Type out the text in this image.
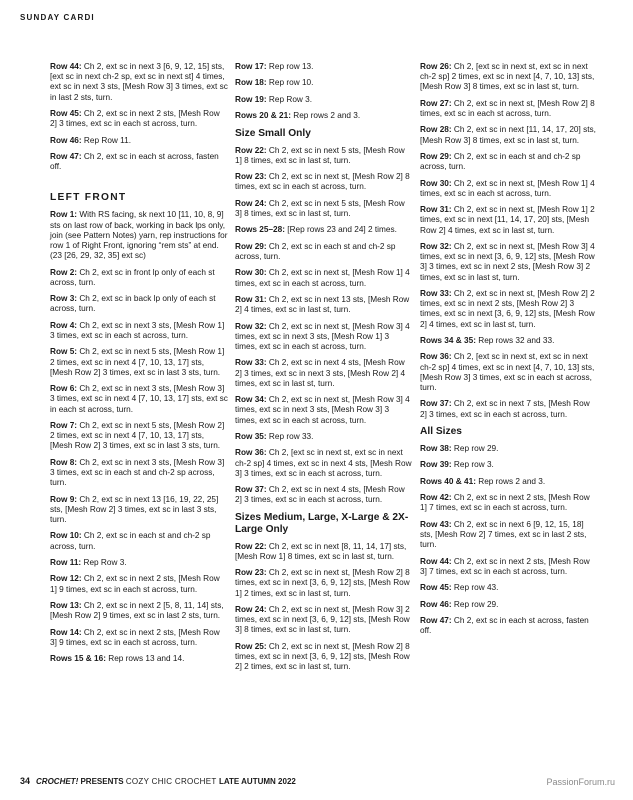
SUNDAY CARDI
Row 44: Ch 2, ext sc in next 3 [6, 9, 12, 15] sts, [ext sc in next ch-2 sp, ext sc in next st] 4 times, ext sc in next 3 sts, [Mesh Row 3] 3 times, ext sc in last 2 sts, turn.
Row 45: Ch 2, ext sc in next 2 sts, [Mesh Row 2] 3 times, ext sc in each st across, turn.
Row 46: Rep Row 11.
Row 47: Ch 2, ext sc in each st across, fasten off.
LEFT FRONT
Row 1: With RS facing, sk next 10 [11, 10, 8, 9] sts on last row of back, working in back lps only, join (see Pattern Notes) yarn, rep instructions for row 1 of Right Front, ignoring “rem sts” at end. (23 [26, 29, 32, 35] ext sc)
Row 2: Ch 2, ext sc in front lp only of each st across, turn.
Row 3: Ch 2, ext sc in back lp only of each st across, turn.
Row 4: Ch 2, ext sc in next 3 sts, [Mesh Row 1] 3 times, ext sc in each st across, turn.
Row 5: Ch 2, ext sc in next 5 sts, [Mesh Row 1] 2 times, ext sc in next 4 [7, 10, 13, 17] sts, [Mesh Row 2] 3 times, ext sc in last 3 sts, turn.
Row 6: Ch 2, ext sc in next 3 sts, [Mesh Row 3] 3 times, ext sc in next 4 [7, 10, 13, 17] sts, ext sc in each st across, turn.
Row 7: Ch 2, ext sc in next 5 sts, [Mesh Row 2] 2 times, ext sc in next 4 [7, 10, 13, 17] sts, [Mesh Row 2] 3 times, ext sc in last 3 sts, turn.
Row 8: Ch 2, ext sc in next 3 sts, [Mesh Row 3] 3 times, ext sc in each st and ch-2 sp across, turn.
Row 9: Ch 2, ext sc in next 13 [16, 19, 22, 25] sts, [Mesh Row 2] 3 times, ext sc in last 3 sts, turn.
Row 10: Ch 2, ext sc in each st and ch-2 sp across, turn.
Row 11: Rep Row 3.
Row 12: Ch 2, ext sc in next 2 sts, [Mesh Row 1] 9 times, ext sc in each st across, turn.
Row 13: Ch 2, ext sc in next 2 [5, 8, 11, 14] sts, [Mesh Row 2] 9 times, ext sc in last 2 sts, turn.
Row 14: Ch 2, ext sc in next 2 sts, [Mesh Row 3] 9 times, ext sc in each st across, turn.
Rows 15 & 16: Rep rows 13 and 14.
Row 17: Rep row 13.
Row 18: Rep row 10.
Row 19: Rep Row 3.
Rows 20 & 21: Rep rows 2 and 3.
Size Small Only
Row 22: Ch 2, ext sc in next 5 sts, [Mesh Row 1] 8 times, ext sc in last st, turn.
Row 23: Ch 2, ext sc in next st, [Mesh Row 2] 8 times, ext sc in each st across, turn.
Row 24: Ch 2, ext sc in next 5 sts, [Mesh Row 3] 8 times, ext sc in last st, turn.
Rows 25–28: [Rep rows 23 and 24] 2 times.
Row 29: Ch 2, ext sc in each st and ch-2 sp across, turn.
Row 30: Ch 2, ext sc in next st, [Mesh Row 1] 4 times, ext sc in each st across, turn.
Row 31: Ch 2, ext sc in next 13 sts, [Mesh Row 2] 4 times, ext sc in last st, turn.
Row 32: Ch 2, ext sc in next st, [Mesh Row 3] 4 times, ext sc in next 3 sts, [Mesh Row 1] 3 times, ext sc in each st across, turn.
Row 33: Ch 2, ext sc in next 4 sts, [Mesh Row 2] 3 times, ext sc in next 3 sts, [Mesh Row 2] 4 times, ext sc in last st, turn.
Row 34: Ch 2, ext sc in next st, [Mesh Row 3] 4 times, ext sc in next 3 sts, [Mesh Row 3] 3 times, ext sc in each st across, turn.
Row 35: Rep row 33.
Row 36: Ch 2, [ext sc in next st, ext sc in next ch-2 sp] 4 times, ext sc in next 4 sts, [Mesh Row 3] 3 times, ext sc in each st across, turn.
Row 37: Ch 2, ext sc in next 4 sts, [Mesh Row 2] 3 times, ext sc in each st across, turn.
Sizes Medium, Large, X-Large & 2X-Large Only
Row 22: Ch 2, ext sc in next [8, 11, 14, 17] sts, [Mesh Row 1] 8 times, ext sc in last st, turn.
Row 23: Ch 2, ext sc in next st, [Mesh Row 2] 8 times, ext sc in next [3, 6, 9, 12] sts, [Mesh Row 1] 2 times, ext sc in last st, turn.
Row 24: Ch 2, ext sc in next st, [Mesh Row 3] 2 times, ext sc in next [3, 6, 9, 12] sts, [Mesh Row 3] 8 times, ext sc in last st, turn.
Row 25: Ch 2, ext sc in next st, [Mesh Row 2] 8 times, ext sc in next [3, 6, 9, 12] sts, [Mesh Row 2] 2 times, ext sc in last st, turn.
Row 26: Ch 2, [ext sc in next st, ext sc in next ch-2 sp] 2 times, ext sc in next [4, 7, 10, 13] sts, [Mesh Row 3] 8 times, ext sc in last st, turn.
Row 27: Ch 2, ext sc in next st, [Mesh Row 2] 8 times, ext sc in each st across, turn.
Row 28: Ch 2, ext sc in next [11, 14, 17, 20] sts, [Mesh Row 3] 8 times, ext sc in last st, turn.
Row 29: Ch 2, ext sc in each st and ch-2 sp across, turn.
Row 30: Ch 2, ext sc in next st, [Mesh Row 1] 4 times, ext sc in each st across, turn.
Row 31: Ch 2, ext sc in next st, [Mesh Row 1] 2 times, ext sc in next [11, 14, 17, 20] sts, [Mesh Row 2] 4 times, ext sc in last st, turn.
Row 32: Ch 2, ext sc in next st, [Mesh Row 3] 4 times, ext sc in next [3, 6, 9, 12] sts, [Mesh Row 3] 3 times, ext sc in next 2 sts, [Mesh Row 3] 2 times, ext sc in last st, turn.
Row 33: Ch 2, ext sc in next st, [Mesh Row 2] 2 times, ext sc in next 2 sts, [Mesh Row 2] 3 times, ext sc in next [3, 6, 9, 12] sts, [Mesh Row 2] 4 times, ext sc in last st, turn.
Rows 34 & 35: Rep rows 32 and 33.
Row 36: Ch 2, [ext sc in next st, ext sc in next ch-2 sp] 4 times, ext sc in next [4, 7, 10, 13] sts, [Mesh Row 3] 3 times, ext sc in each st across, turn.
Row 37: Ch 2, ext sc in next 7 sts, [Mesh Row 2] 3 times, ext sc in each st across, turn.
All Sizes
Row 38: Rep row 29.
Row 39: Rep row 3.
Rows 40 & 41: Rep rows 2 and 3.
Row 42: Ch 2, ext sc in next 2 sts, [Mesh Row 1] 7 times, ext sc in each st across, turn.
Row 43: Ch 2, ext sc in next 6 [9, 12, 15, 18] sts, [Mesh Row 2] 7 times, ext sc in last 2 sts, turn.
Row 44: Ch 2, ext sc in next 2 sts, [Mesh Row 3] 7 times, ext sc in each st across, turn.
Row 45: Rep row 43.
Row 46: Rep row 29.
Row 47: Ch 2, ext sc in each st across, fasten off.
34 CROCHET! PRESENTS COZY CHIC CROCHET LATE AUTUMN 2022	PassionForum.ru
